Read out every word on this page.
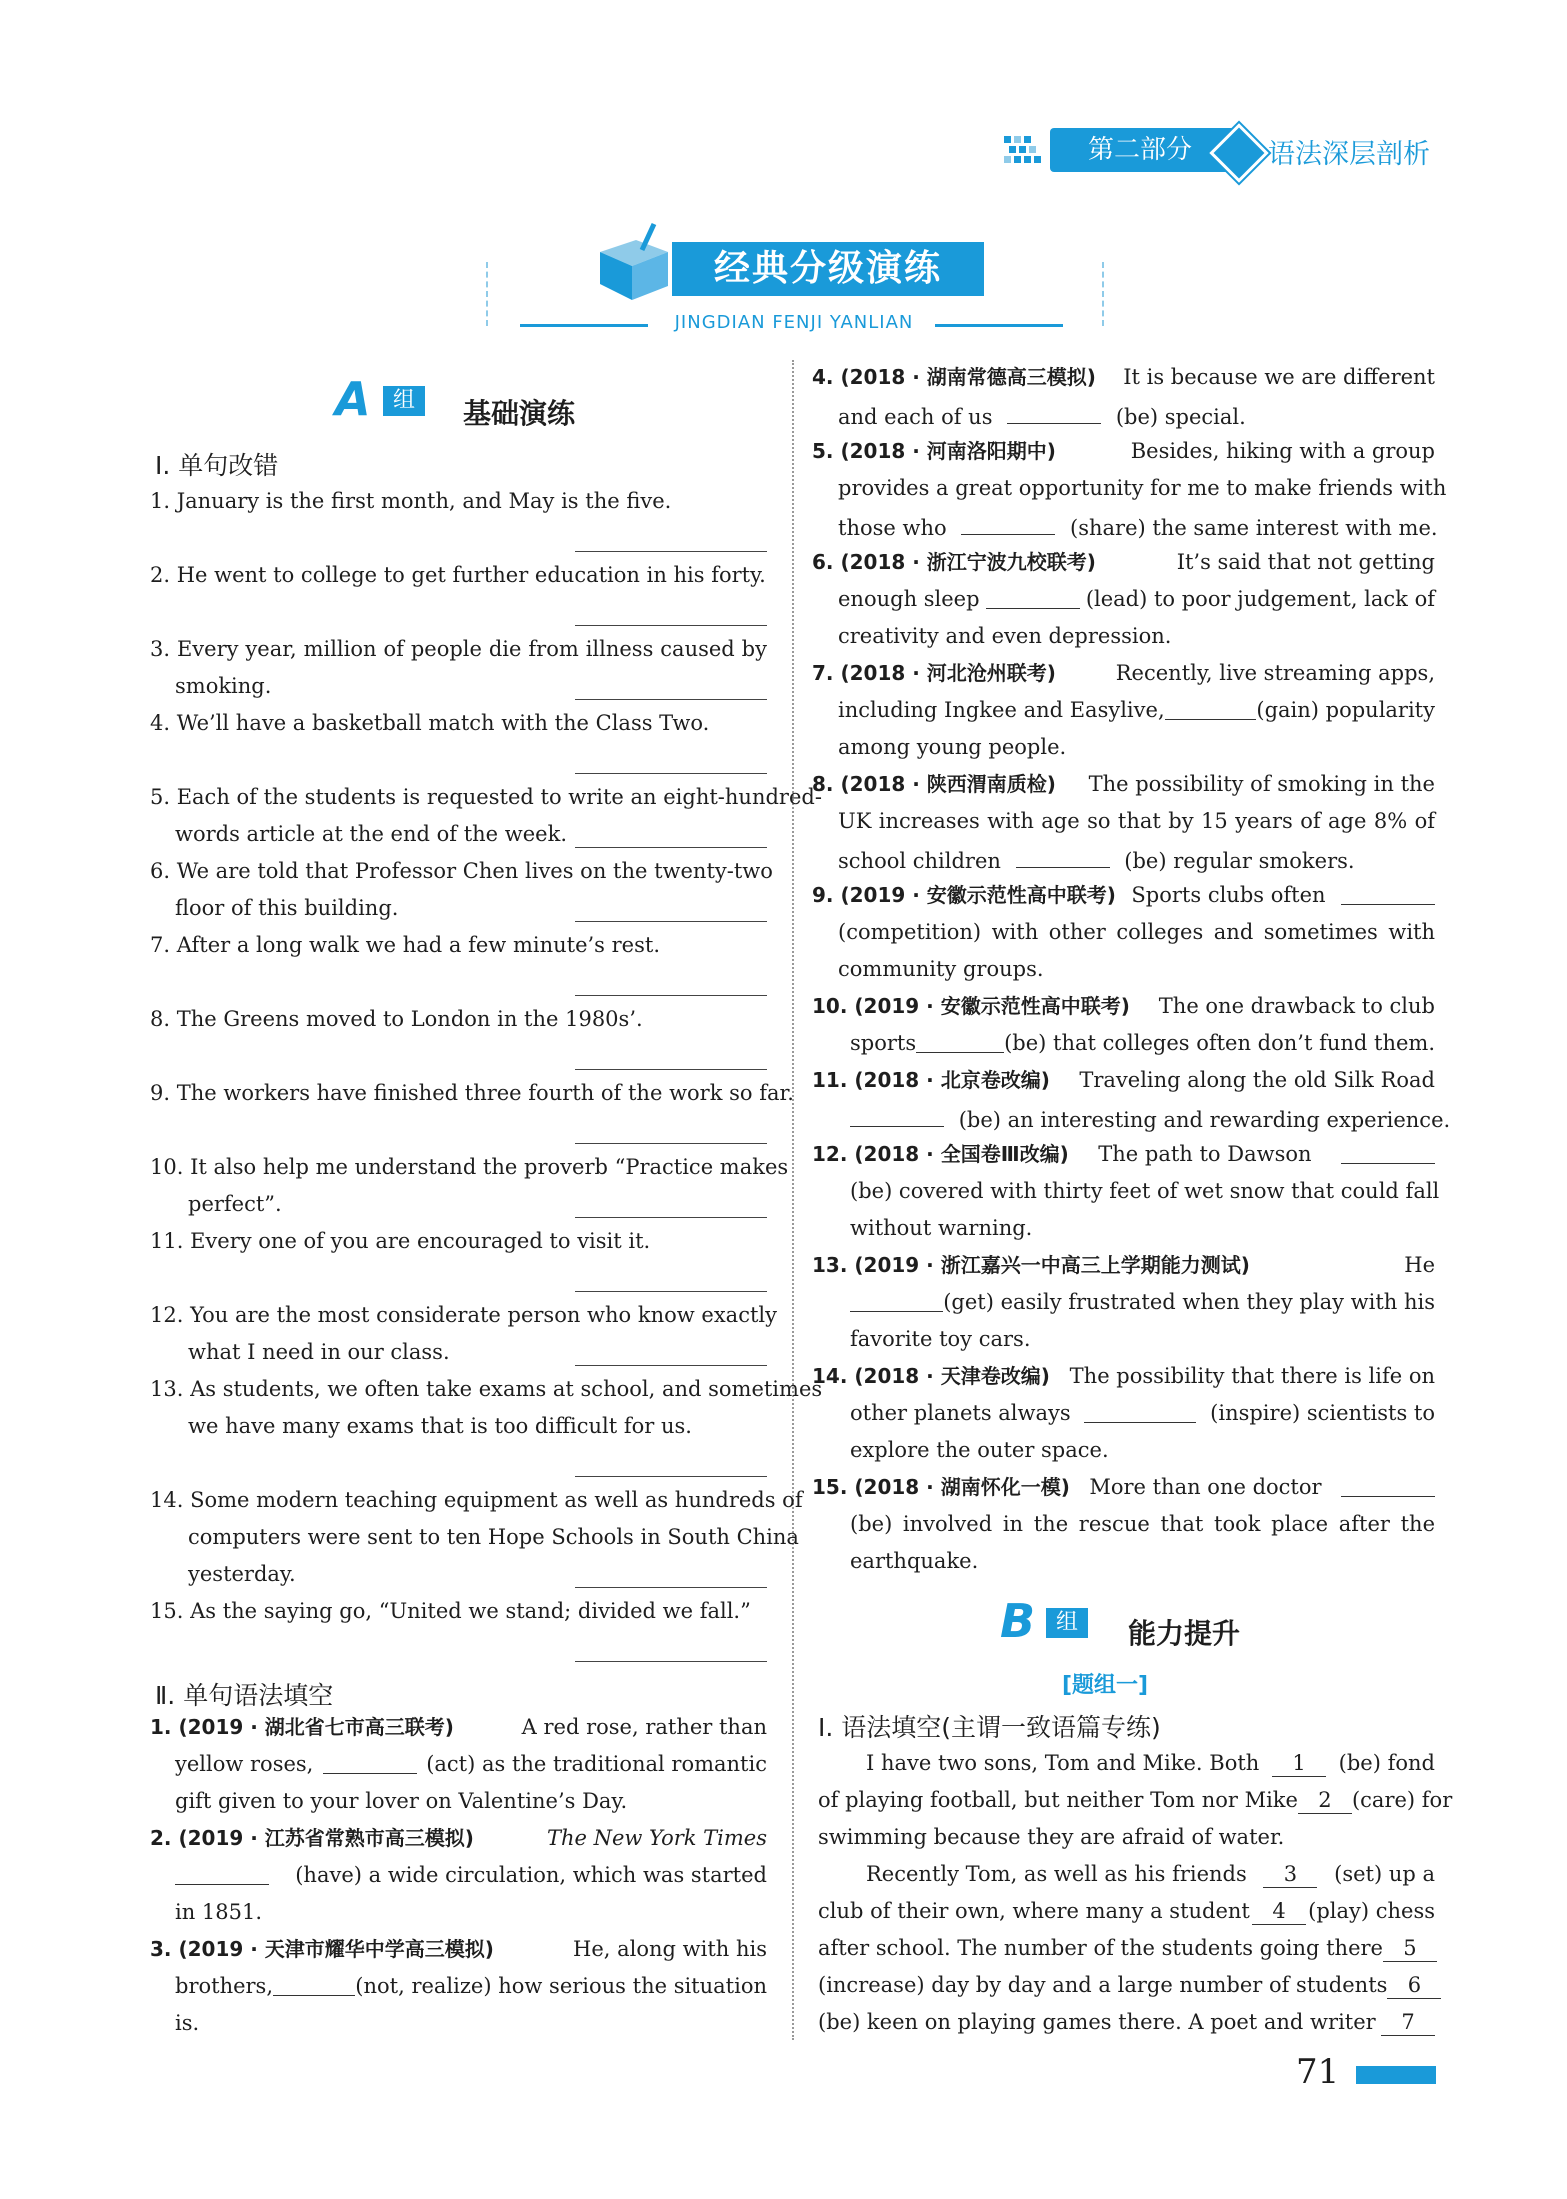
第二部分	语法深层剖析
经典分级演练
JINGDIAN FENJI YANLIAN
A	组	基础演练
Ⅰ. 单句改错
1. January is the first month, and May is the five.
2. He went to college to get further education in his forty.
3. Every year, million of people die from illness caused by
smoking.
4. We’ll have a basketball match with the Class Two.
5. Each of the students is requested to write an eight-hundred-
words article at the end of the week.
6. We are told that Professor Chen lives on the twenty-two
floor of this building.
7. After a long walk we had a few minute’s rest.
8. The Greens moved to London in the 1980s’.
9. The workers have finished three fourth of the work so far.
10. It also help me understand the proverb “Practice makes
perfect”.
11. Every one of you are encouraged to visit it.
12. You are the most considerate person who know exactly
what I need in our class.
13. As students, we often take exams at school, and sometimes
we have many exams that is too difficult for us.
14. Some modern teaching equipment as well as hundreds of
computers were sent to ten Hope Schools in South China
yesterday.
15. As the saying go, “United we stand; divided we fall.”
Ⅱ. 单句语法填空
1. (2019 · 湖北省七市高三联考)	A red rose, rather than
yellow roses,	(act) as the traditional romantic
gift given to your lover on Valentine’s Day.
2. (2019 · 江苏省常熟市高三模拟)	The New York Times
(have) a wide circulation, which was started
in 1851.
3. (2019 · 天津市耀华中学高三模拟)	He, along with his
brothers,	(not, realize) how serious the situation
is.
4. (2018 · 湖南常德高三模拟) It is because we are different
and each of us	(be) special.
5. (2018 · 河南洛阳期中)	Besides, hiking with a group
provides a great opportunity for me to make friends with
those who	(share) the same interest with me.
6. (2018 · 浙江宁波九校联考)	It’s said that not getting
enough sleep	(lead) to poor judgement, lack of
creativity and even depression.
7. (2018 · 河北沧州联考)	Recently, live streaming apps,
including Ingkee and Easylive,	(gain) popularity
among young people.
8. (2018 · 陕西渭南质检) The possibility of smoking in the
UK increases with age so that by 15 years of age 8% of
school children	(be) regular smokers.
9. (2019 · 安徽示范性高中联考) Sports clubs often
(competition) with other colleges and sometimes with
community groups.
10. (2019 · 安徽示范性高中联考) The one drawback to club
sports	(be) that colleges often don’t fund them.
11. (2018 · 北京卷改编) Traveling along the old Silk Road
(be) an interesting and rewarding experience.
12. (2018 · 全国卷Ⅲ改编) The path to Dawson
(be) covered with thirty feet of wet snow that could fall
without warning.
13. (2019 · 浙江嘉兴一中高三上学期能力测试)	He
(get) easily frustrated when they play with his
favorite toy cars.
14. (2018 · 天津卷改编) The possibility that there is life on
other planets always	(inspire) scientists to
explore the outer space.
15. (2018 · 湖南怀化一模) More than one doctor
(be) involved in the rescue that took place after the
earthquake.
B 组	能力提升
[题组一]
Ⅰ. 语法填空(主谓一致语篇专练)
I have two sons, Tom and Mike. Both	1	(be) fond
of playing football, but neither Tom nor Mike 2 (care) for
swimming because they are afraid of water.
Recently Tom, as well as his friends	3	(set) up a
club of their own, where many a student	4	(play) chess
after school. The number of the students going there 5
(increase) day by day and a large number of students 6
(be) keen on playing games there. A poet and writer	7
71
